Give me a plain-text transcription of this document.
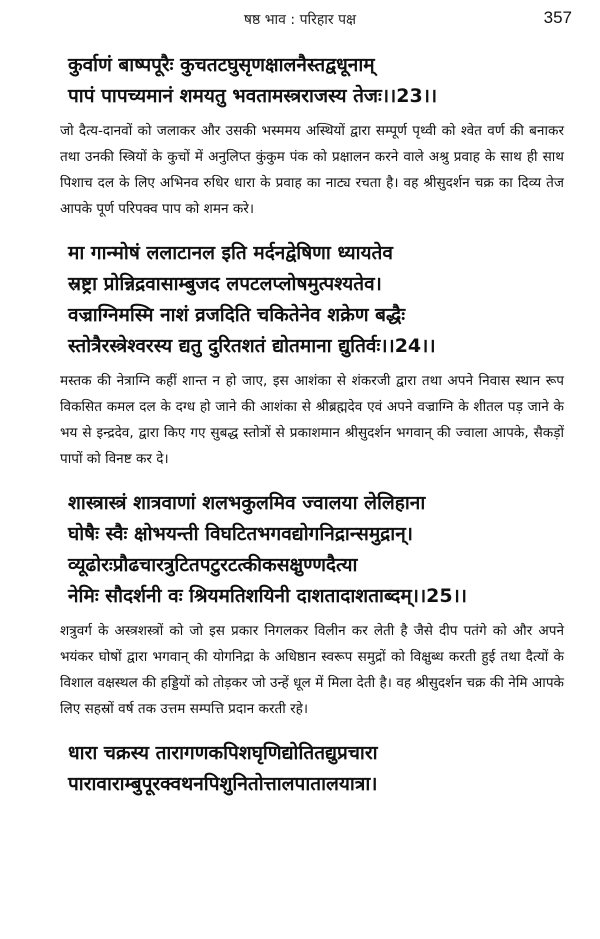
षष्ठ भाव : परिहार पक्ष	357
कुर्वाणं बाष्पपूरैः कुचतटघुसृणक्षालनैस्तद्वधूनाम्
पापं पापच्यमानं शमयतु भवतामस्त्रराजस्य तेजः।।23।।
जो दैत्य-दानवों को जलाकर और उसकी भस्ममय अस्थियों द्वारा सम्पूर्ण पृथ्वी को श्वेत वर्ण की बनाकर तथा उनकी स्त्रियों के कुचों में अनुलिप्त कुंकुम पंक को प्रक्षालन करने वाले अश्रु प्रवाह के साथ ही साथ पिशाच दल के लिए अभिनव रुधिर धारा के प्रवाह का नाट्य रचता है। वह श्रीसुदर्शन चक्र का दिव्य तेज आपके पूर्ण परिपक्व पाप को शमन करे।
मा गान्मोषं ललाटानल इति मर्दनद्वेषिणा ध्यायतेव
स्रष्ट्रा प्रोन्निद्रवासाम्बुजद लपटलप्लोषमुत्पश्यतेव।
वज्राग्निमस्मि नाशं व्रजदिति चकितेनेव शक्रेण बद्धैः
स्तोत्रैरस्त्रेश्वरस्य द्यतु दुरितशतं द्योतमाना द्युतिर्वः।।24।।
मस्तक की नेत्राग्नि कहीं शान्त न हो जाए, इस आशंका से शंकरजी द्वारा तथा अपने निवास स्थान रूप विकसित कमल दल के दग्ध हो जाने की आशंका से श्रीब्रह्मदेव एवं अपने वज्राग्नि के शीतल पड़ जाने के भय से इन्द्रदेव, द्वारा किए गए सुबद्ध स्तोत्रों से प्रकाशमान श्रीसुदर्शन भगवान् की ज्वाला आपके, सैकड़ों पापों को विनष्ट कर दे।
शास्त्रास्त्रं शात्रवाणां शलभकुलमिव ज्वालया लेलिहाना
घोषैः स्वैः क्षोभयन्ती विघटितभगवद्योगनिद्रान्समुद्रान्।
व्यूढोरःप्रौढचारत्रुटितपटुरटत्कीकसक्षुण्णदैत्या
नेमिः सौदर्शनी वः श्रियमतिशयिनी दाशतादाशताब्दम्।।25।।
शत्रुवर्ग के अस्त्रशस्त्रों को जो इस प्रकार निगलकर विलीन कर लेती है जैसे दीप पतंगे को और अपने भयंकर घोषों द्वारा भगवान् की योगनिद्रा के अधिष्ठान स्वरूप समुद्रों को विक्षुब्ध करती हुई तथा दैत्यों के विशाल वक्षस्थल की हड्डियों को तोड़कर जो उन्हें धूल में मिला देती है। वह श्रीसुदर्शन चक्र की नेमि आपके लिए सहस्रों वर्ष तक उत्तम सम्पत्ति प्रदान करती रहे।
धारा चक्रस्य तारागणकपिशघृणिद्योतितद्युप्रचारा
पारावाराम्बुपूरक्वथनपिशुनितोत्तालपातालयात्रा।
